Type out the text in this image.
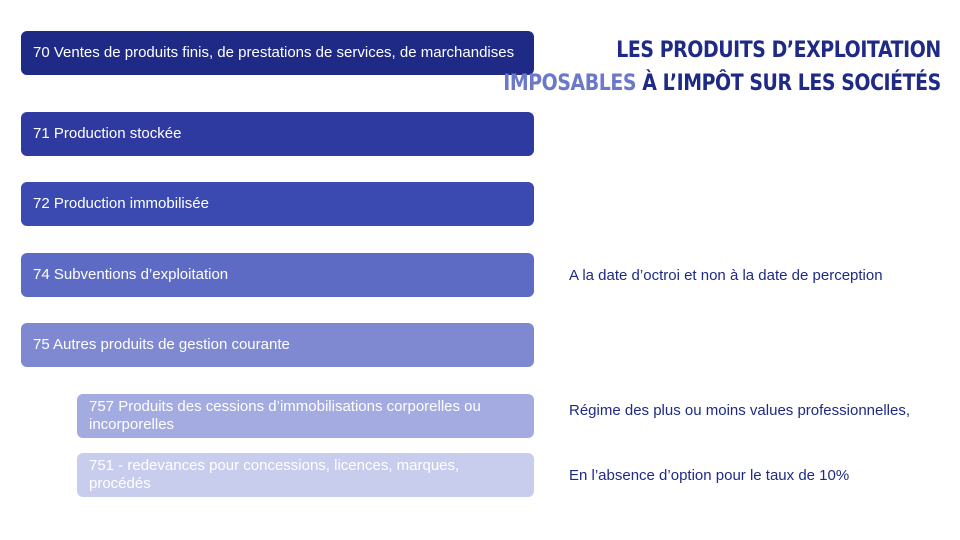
70 Ventes de produits finis, de prestations de services, de marchandises
71 Production stockée
72 Production immobilisée
74 Subventions d’exploitation
75 Autres produits de gestion courante
757 Produits des cessions d’immobilisations corporelles ou incorporelles
751 - redevances pour concessions, licences, marques, procédés
LES PRODUITS D’EXPLOITATION
IMPOSABLES À L’IMPÔT SUR LES SOCIÉTÉS
A la date d’octroi et non à la date de perception
Régime des plus ou moins values professionnelles,
En l’absence d’option pour le taux de 10%
